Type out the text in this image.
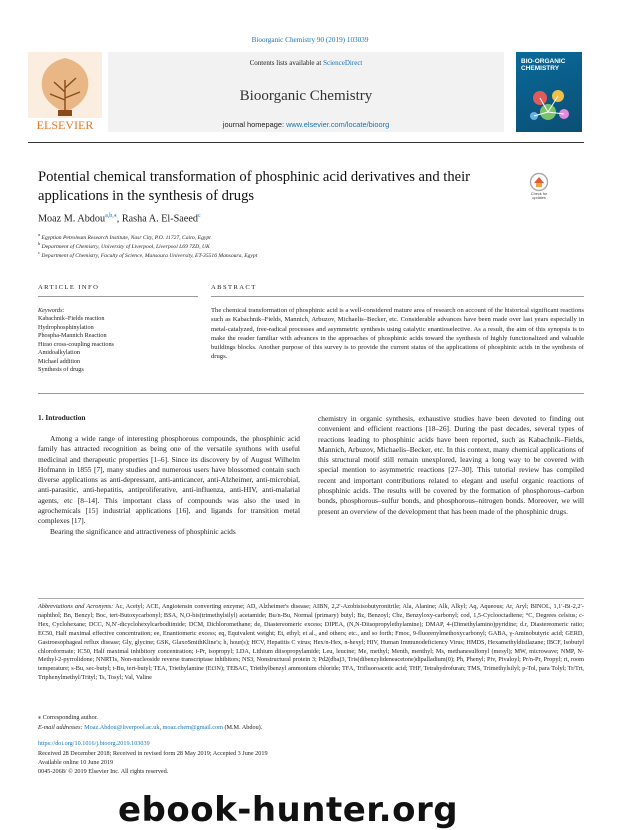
Bioorganic Chemistry 90 (2019) 103039
ELSEVIER
Contents lists available at ScienceDirect
Bioorganic Chemistry
journal homepage: www.elsevier.com/locate/bioorg
BIO-ORGANIC CHEMISTRY
Potential chemical transformation of phosphinic acid derivatives and their applications in the synthesis of drugs	Check for updates
Moaz M. Abdou$^{a,b,⁎}$, Rasha A. El-Saeed$^c$
$^a$ Egyptian Petroleum Research Institute, Nasr City, P.O. 11727, Cairo, Egypt
$^b$ Department of Chemistry, University of Liverpool, Liverpool L69 7ZD, UK
$^c$ Department of Chemistry, Faculty of Science, Mansoura University, ET-35516 Mansoura, Egypt
ARTICLE INFO	ABSTRACT
Keywords:
Kabachnik–Fields reaction
Hydrophosphinylation
Phospha-Mannich Reaction
Hirao cross-coupling reactions
Amidoalkylation
Michael addition
Synthesis of drugs
The chemical transformation of phosphinic acid is a well-considered mature area of research on account of the historical significant reactions such as Kabachnik–Fields, Mannich, Arbuzov, Michaelis–Becker, etc. Considerable advances have been made over last years especially in metal-catalyzed, free-radical processes and asymmetric synthesis using catalytic enantioselective. As a result, the aim of this synopsis is to make the reader familiar with advances in the approaches of phosphinic acids toward the synthesis of highly functionalized and valuable buildings blocks. Another purpose of this survey is to provide the current status of the applications of phosphinic acids in the synthesis of drugs.
1. Introduction

Among a wide range of interesting phosphorous compounds, the phosphinic acid family has attracted recognition as being one of the versatile synthons with useful medicinal and therapeutic properties [1–6]. Since its discovery by of August Wilhelm Hofmann in 1855 [7], many studies and numerous users have blossomed contain such diverse applications as anti-depressant, anti-anticancer, anti-Alzheimer, anti-microbial, anti-parasitic, anti-hepatitis, antiproliferative, anti-influenza, anti-HIV, anti-malarial agents, etc [8–14]. This important class of compounds was also the used in agrochemicals [15] industrial applications [16], and ligands for transition metal complexes [17].

Bearing the significance and attractiveness of phosphinic acids

chemistry in organic synthesis, exhaustive studies have been devoted to finding out convenient and efficient reactions [18–26]. During the past decades, several types of reactions leading to phosphinic acids have been reported, such as Kabachnik–Fields, Mannich, Arbuzov, Michaelis–Becker, etc. In this context, many chemical applications of this structural motif still remain unexplored, leaving a long way to be covered with special mention to asymmetric reactions [27–30]. This tutorial review has compiled recent and important contributions related to elegant and useful organic reactions of phosphinic acids. The results will be covered by the formation of phosphorous–carbon bonds, phosphorous–sulfur bonds, and phosphorous–nitrogen bonds. Moreover, we will present an overview of the development that has been made of the phosphinic drugs.

Abbreviations and Acronyms: Ac, Acetyl; ACE, Angiotensin converting enzyme; AD, Alzheimer's disease; AIBN, 2,2′-Azobisisobutyronitrile; Ala, Alanine; Alk, Alkyl; Aq, Aqueous; Ar, Aryl; BINOL, 1,1′-Bi-2,2′-naphthol; Bn, Benzyl; Boc, tert-Butoxycarbonyl; BSA, N,O-bis(trimethylsilyl) acetamide; Bu/n-Bu, Normal (primary) butyl; Bz, Benzoyl; Cbz, Benzyloxy-carbonyl; cod, 1,5-Cyclooctadiene; °C, Degrees celsius; c-Hex, Cyclohexane; DCC, N,N′-dicyclohexylcarbodiimide; DCM, Dichloromethane; de, Diastereomeric excess; DIPEA, (N,N-Diisopropylethylamine); DMAP, 4-(Dimethylamino)pyridine; d.r, Diastereomeric ratio; EC50, Half maximal effective concentration; ee, Enantiomeric excess; eq, Equivalent weight; Et, ethyl; et al., and others; etc., and so forth; Fmoc, 9-fluorenylmethoxycarbonyl; GABA, γ-Aminobutyric acid; GERD, Gastroesophageal reflux disease; Gly, glycine; GSK, GlaxoSmithKline's; h, hour(s); HCV, Hepatitis C virus; Hex/n-Hex, n-hexyl; HIV, Human Immunodeficiency Virus; HMDS, Hexamethyldisilazane; IBCF, Isobutyl chloroformate; IC50, Half maximal inhibitory concentration; i-Pr, isopropyl; LDA, Lithium diisopropylamide; Leu, leucine; Me, methyl; Menth, menthyl; Ms, methanesulfonyl (mesyl); MW, microwave; NMP, N-Methyl-2-pyrrolidone; NNRTIs, Non-nucleoside reverse transcriptase inhibitors; NS3, Nonstructural protein 3; Pd2(dba)3, Tris(dibenzylideneacetone)dipalladium(0); Ph, Phenyl; Piv, Pivaloyl; Pr/n-Pr, Propyl; rt, room temperature; s-Bu, sec-butyl; t-Bu, tert-butyl; TEA, Triethylamine (Et3N); TEBAC, Triethylbenzyl ammonium chloride; TFA, Trifluoroacetic acid; THF, Tetrahydrofuran; TMS, Trimethylsilyl; p-Tol, para Tolyl; Tr/Trt, Triphenylmethyl/Trityl; Ts, Tosyl; Val, Valine
⁎ Corresponding author.
E-mail addresses: Moaz.Abdou@liverpool.ac.uk, moaz.chem@gmail.com (M.M. Abdou).
https://doi.org/10.1016/j.bioorg.2019.103039
Received 28 December 2018; Received in revised form 28 May 2019; Accepted 3 June 2019
Available online 10 June 2019
0045-2068/ © 2019 Elsevier Inc. All rights reserved.
ebook-hunter.org
